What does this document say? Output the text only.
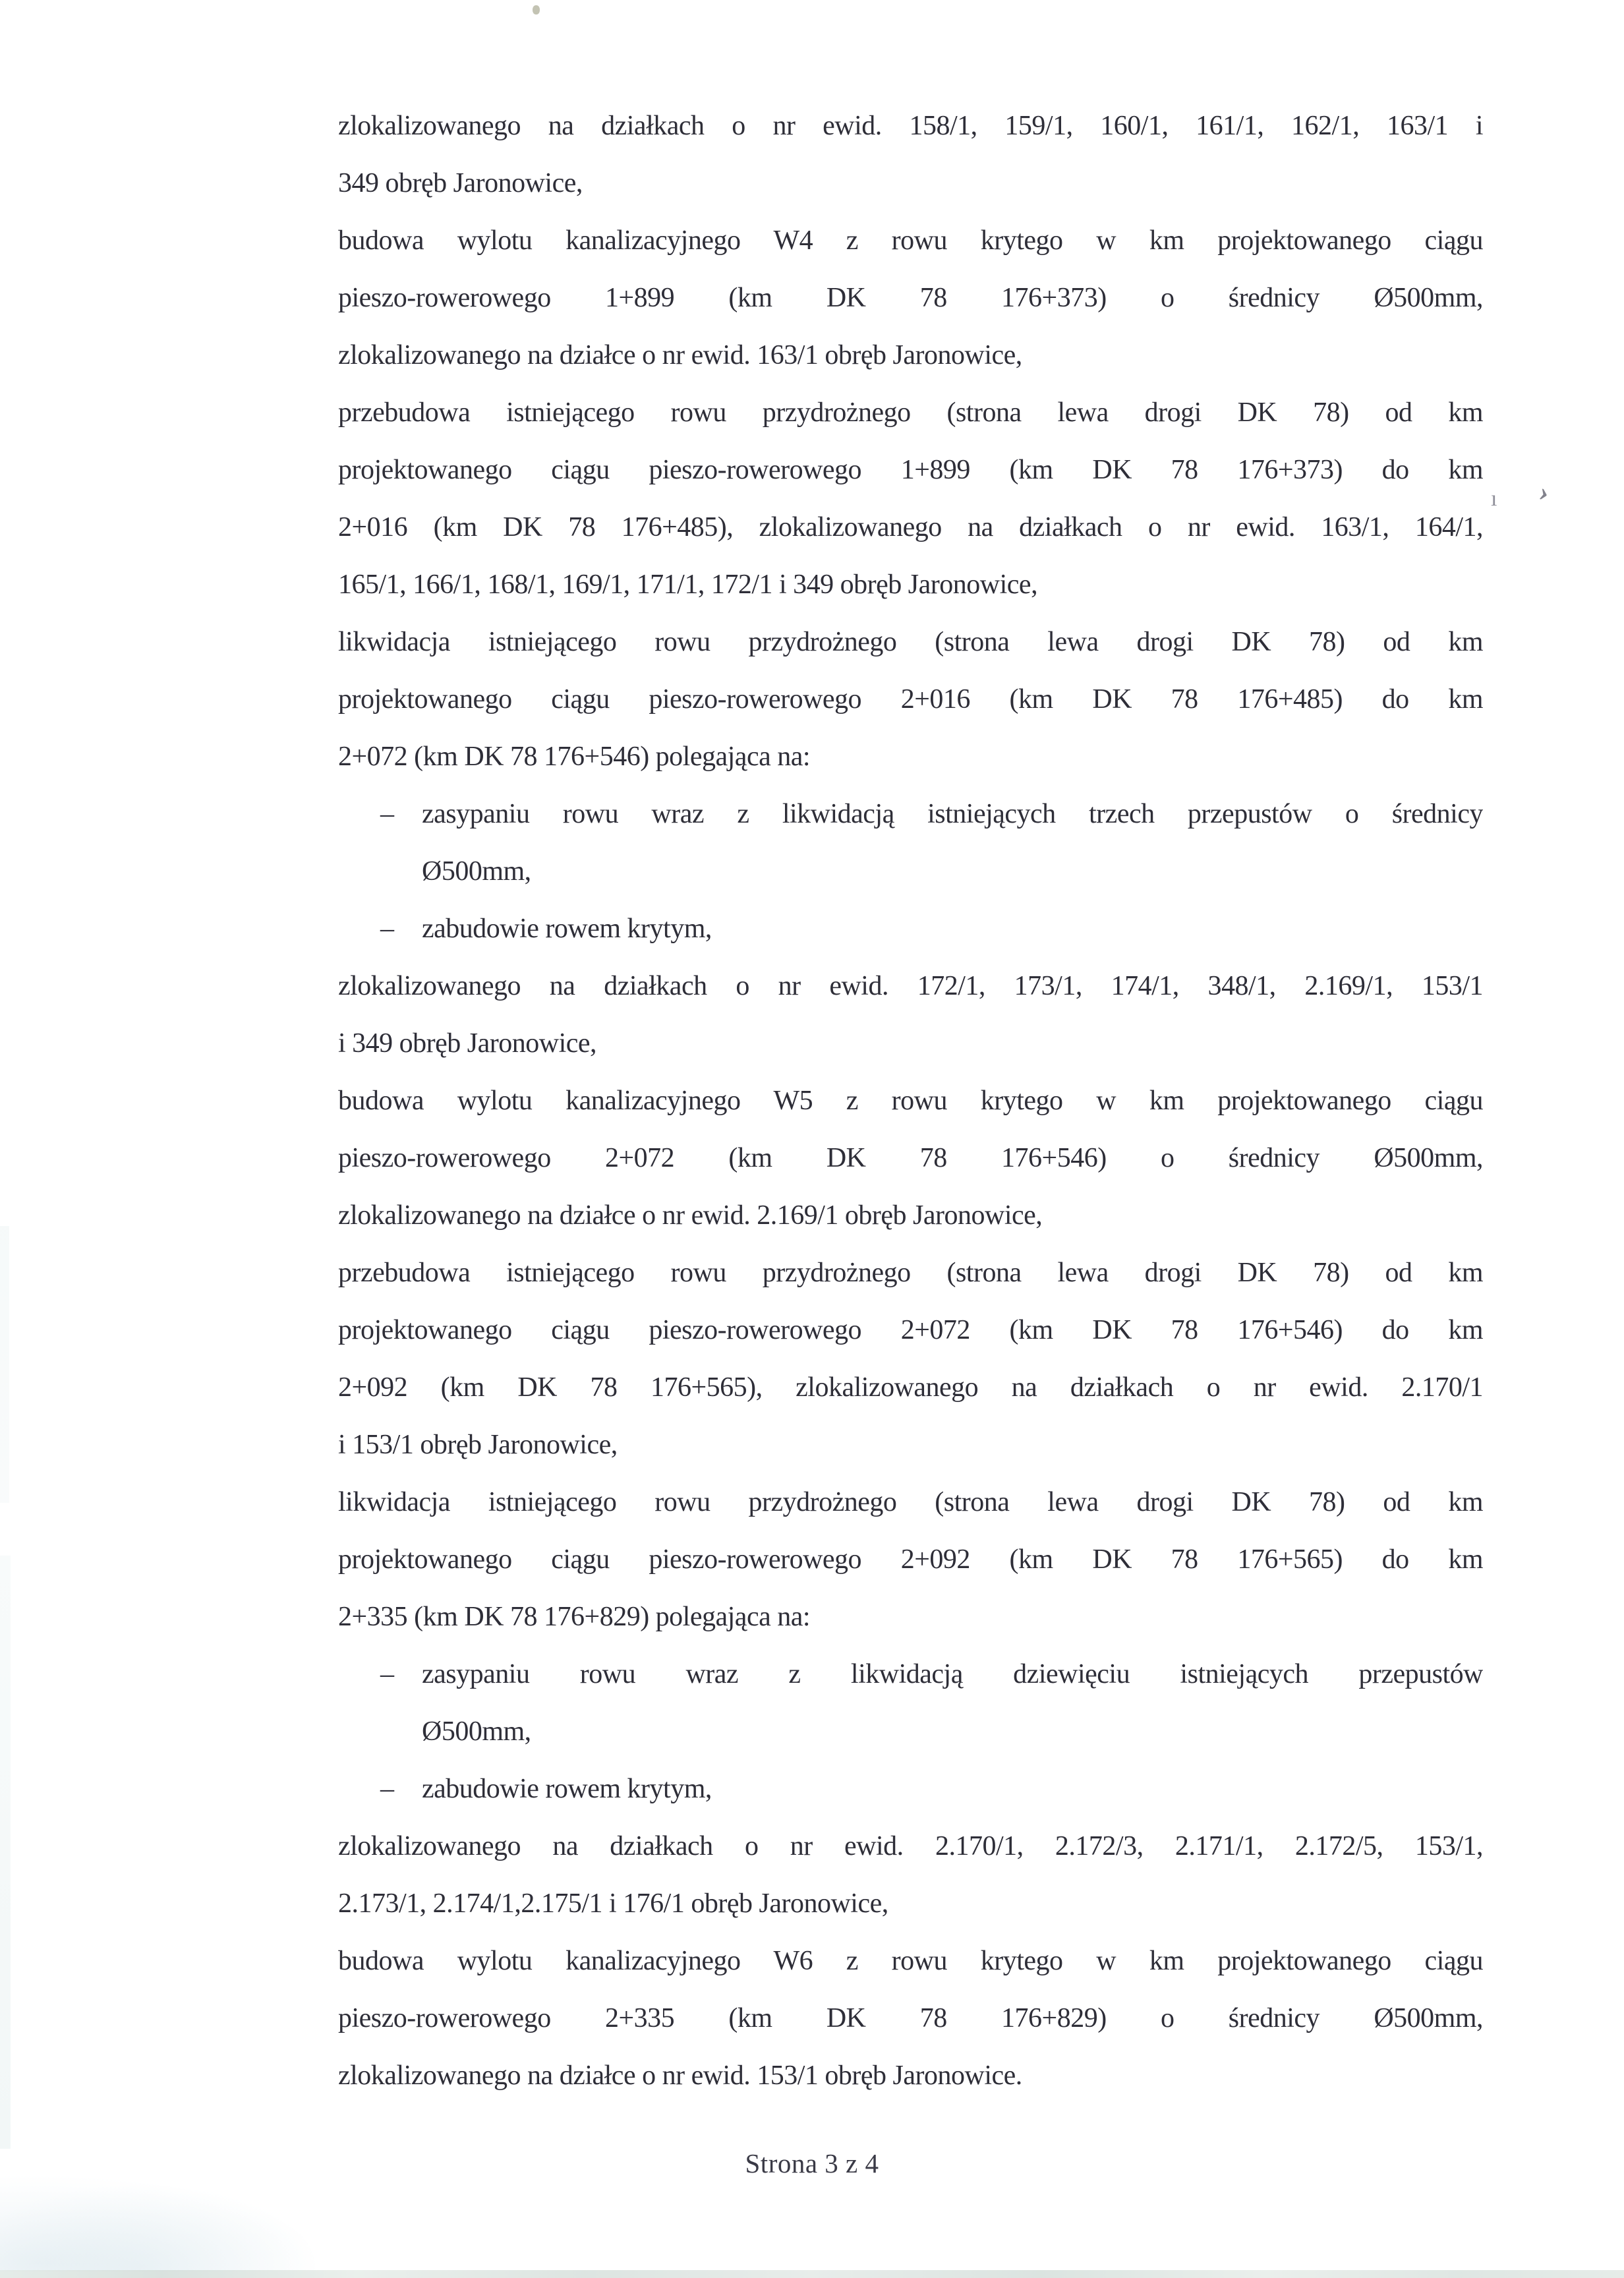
zlokalizowanego na działkach o nr ewid. 158/1, 159/1, 160/1, 161/1, 162/1, 163/1 i
349 obręb Jaronowice,
budowa wylotu kanalizacyjnego W4 z rowu krytego w km projektowanego ciągu
pieszo-rowerowego 1+899 (km DK 78 176+373) o średnicy Ø500mm,
zlokalizowanego na działce o nr ewid. 163/1 obręb Jaronowice,
przebudowa istniejącego rowu przydrożnego (strona lewa drogi DK 78) od km
projektowanego ciągu pieszo-rowerowego 1+899 (km DK 78 176+373) do km
2+016 (km DK 78 176+485), zlokalizowanego na działkach o nr ewid. 163/1, 164/1,
165/1, 166/1, 168/1, 169/1, 171/1, 172/1 i 349 obręb Jaronowice,
likwidacja istniejącego rowu przydrożnego (strona lewa drogi DK 78) od km
projektowanego ciągu pieszo-rowerowego 2+016 (km DK 78 176+485) do km
2+072 (km DK 78 176+546) polegająca na:
– zasypaniu rowu wraz z likwidacją istniejących trzech przepustów o średnicy
Ø500mm,
– zabudowie rowem krytym,
zlokalizowanego na działkach o nr ewid. 172/1, 173/1, 174/1, 348/1, 2.169/1, 153/1
i 349 obręb Jaronowice,
budowa wylotu kanalizacyjnego W5 z rowu krytego w km projektowanego ciągu
pieszo-rowerowego 2+072 (km DK 78 176+546) o średnicy Ø500mm,
zlokalizowanego na działce o nr ewid. 2.169/1 obręb Jaronowice,
przebudowa istniejącego rowu przydrożnego (strona lewa drogi DK 78) od km
projektowanego ciągu pieszo-rowerowego 2+072 (km DK 78 176+546) do km
2+092 (km DK 78 176+565), zlokalizowanego na działkach o nr ewid. 2.170/1
i 153/1 obręb Jaronowice,
likwidacja istniejącego rowu przydrożnego (strona lewa drogi DK 78) od km
projektowanego ciągu pieszo-rowerowego 2+092 (km DK 78 176+565) do km
2+335 (km DK 78 176+829) polegająca na:
– zasypaniu rowu wraz z likwidacją dziewięciu istniejących przepustów
Ø500mm,
– zabudowie rowem krytym,
zlokalizowanego na działkach o nr ewid. 2.170/1, 2.172/3, 2.171/1, 2.172/5, 153/1,
2.173/1, 2.174/1,2.175/1 i 176/1 obręb Jaronowice,
budowa wylotu kanalizacyjnego W6 z rowu krytego w km projektowanego ciągu
pieszo-rowerowego 2+335 (km DK 78 176+829) o średnicy Ø500mm,
zlokalizowanego na działce o nr ewid. 153/1 obręb Jaronowice.
ı ›
Strona 3 z 4
